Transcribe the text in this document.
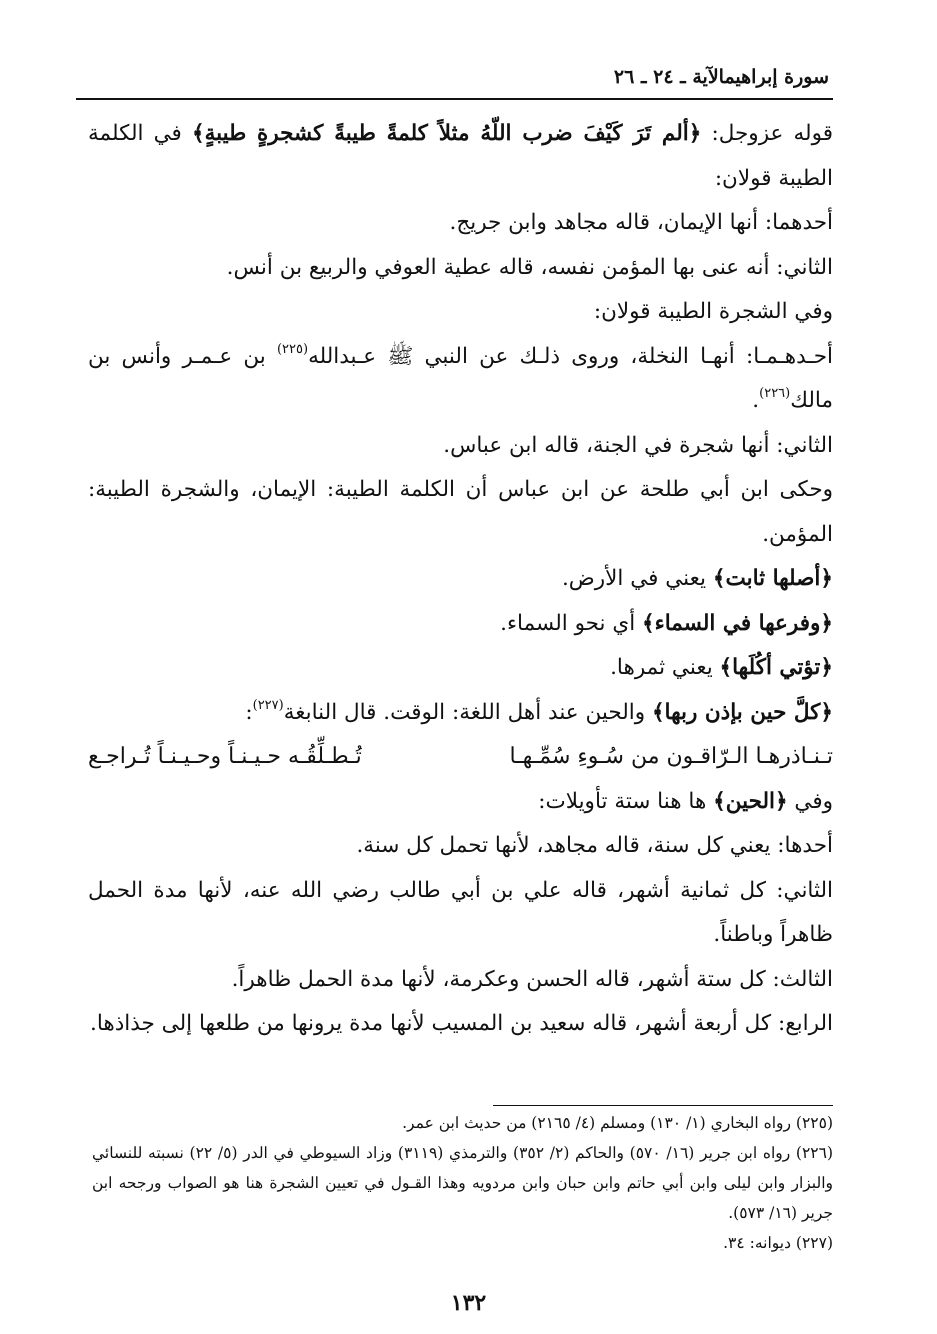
سورة إبراهيمالآية ـ ٢٤ ـ ٢٦

قوله عزوجل: ﴿ألم تَرَ كَيْفَ ضرب اللّهُ مثلاً كلمةً طيبةً كشجرةٍ طيبةٍ﴾ في الكلمة الطيبة قولان:

أحدهما: أنها الإيمان، قاله مجاهد وابن جريج.

الثاني: أنه عنى بها المؤمن نفسه، قاله عطية العوفي والربيع بن أنس.

وفي الشجرة الطيبة قولان:

أحـدهـمـا: أنهـا النخلة، وروى ذلـك عن النبي ﷺ عـبدالله$^{(٢٢٥)}$ بن عـمـر وأنس بن مالك$^{(٢٢٦)}$.

الثاني: أنها شجرة في الجنة، قاله ابن عباس.

وحكى ابن أبي طلحة عن ابن عباس أن الكلمة الطيبة: الإيمان، والشجرة الطيبة: المؤمن.

﴿أصلها ثابت﴾ يعني في الأرض.

﴿وفرعها في السماء﴾ أي نحو السماء.

﴿تؤتي أكُلَها﴾ يعني ثمرها.

﴿كلَّ حين بإذن ربها﴾ والحين عند أهل اللغة: الوقت. قال النابغة$^{(٢٢٧)}$:

تـنـاذرهـا الـرّاقـون من سُـوءِ سُمِّـهـا
تُـطـلِّقُـه حـيـنـاً وحـيـنـاً تُـراجـع

وفي ﴿الحين﴾ ها هنا ستة تأويلات:

أحدها: يعني كل سنة، قاله مجاهد، لأنها تحمل كل سنة.

الثاني: كل ثمانية أشهر، قاله علي بن أبي طالب رضي الله عنه، لأنها مدة الحمل ظاهراً وباطناً.

الثالث: كل ستة أشهر، قاله الحسن وعكرمة، لأنها مدة الحمل ظاهراً.

الرابع: كل أربعة أشهر، قاله سعيد بن المسيب لأنها مدة يرونها من طلعها إلى جذاذها.

(٢٢٥) رواه البخاري (١/ ١٣٠) ومسلم (٤/ ٢١٦٥) من حديث ابن عمر.

(٢٢٦) رواه ابن جرير (١٦/ ٥٧٠) والحاكم (٢/ ٣٥٢) والترمذي (٣١١٩) وزاد السيوطي في الدر (٥/ ٢٢) نسبته للنسائي والبزار وابن ليلى وابن أبي حاتم وابن حبان وابن مردويه وهذا القـول في تعيين الشجرة هنا هو الصواب ورجحه ابن جرير (١٦/ ٥٧٣).

(٢٢٧) ديوانه: ٣٤.

١٣٢
